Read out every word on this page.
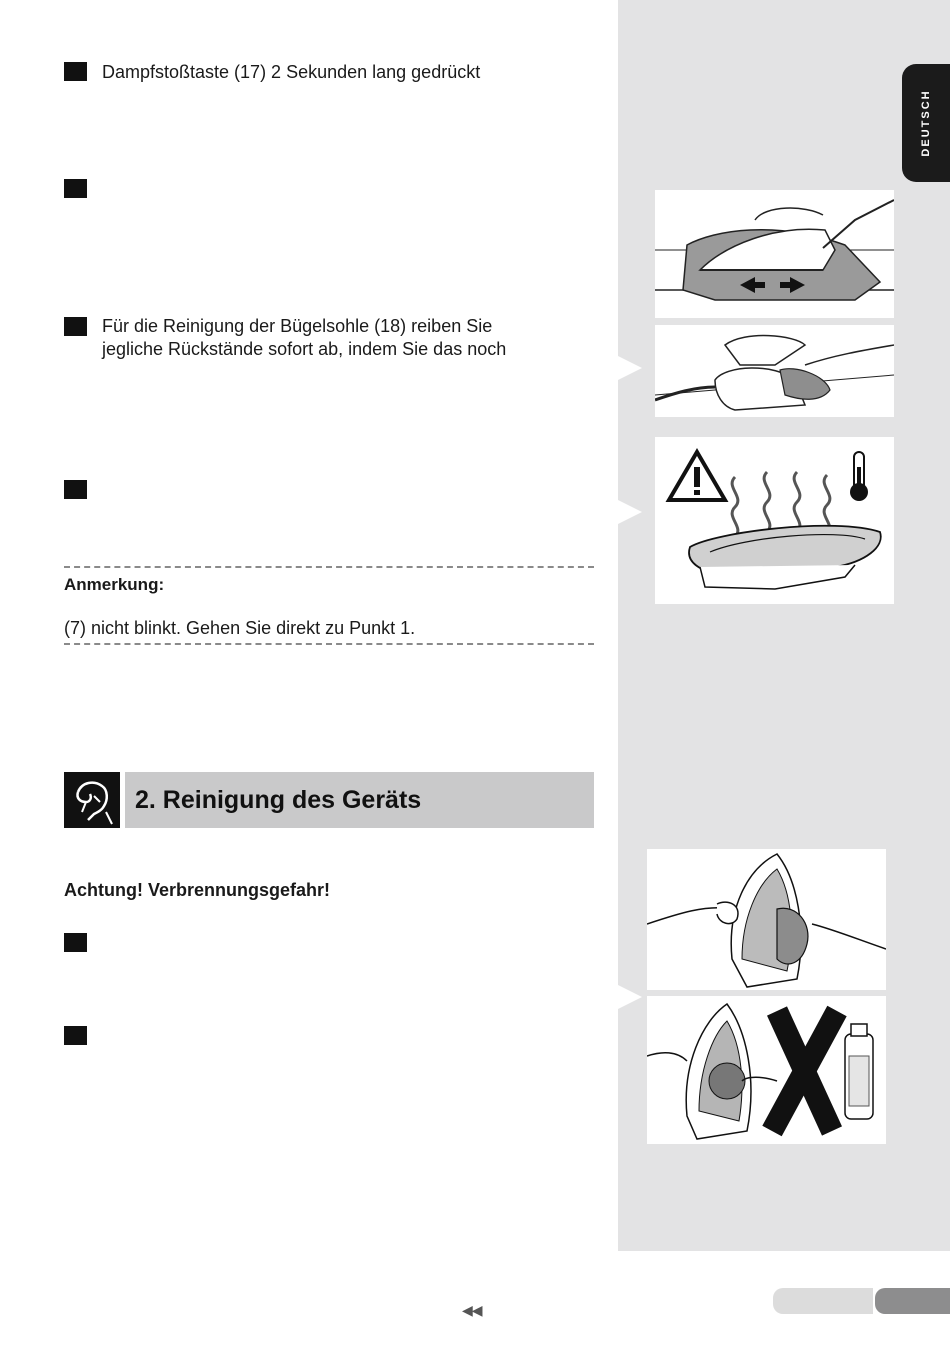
DEUTSCH
Dampfstoßtaste (17) 2 Sekunden lang gedrückt
Für die Reinigung der Bügelsohle (18) reiben Sie
jegliche Rückstände sofort ab, indem Sie das noch
Anmerkung:
(7) nicht blinkt. Gehen Sie direkt zu Punkt 1.
2. Reinigung des Geräts
Achtung! Verbrennungsgefahr!
◀◀
